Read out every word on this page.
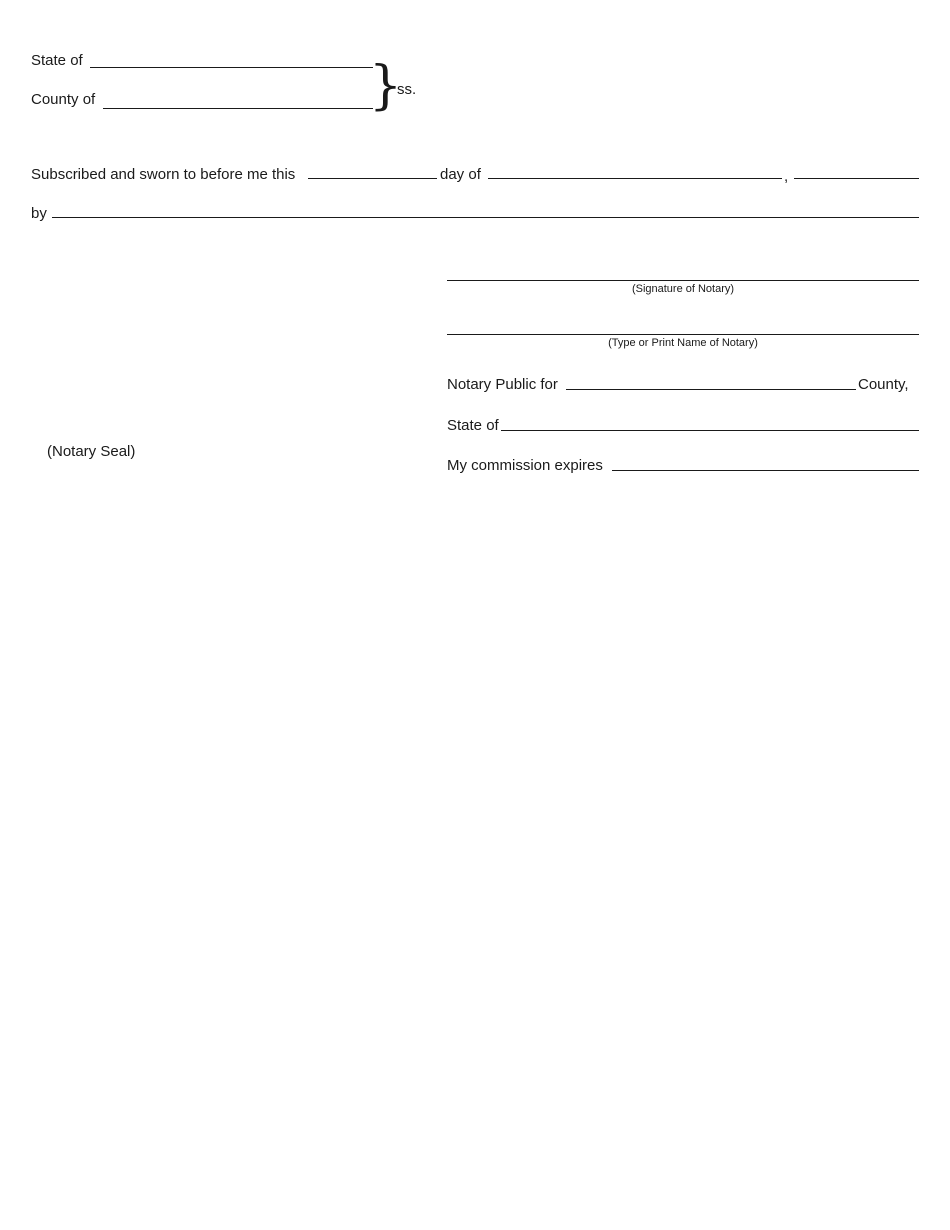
State of
County of	}
ss.
Subscribed and sworn to before me this	day of	,
by
(Signature of Notary)
(Type or Print Name of Notary)
Notary Public for	County,
State of
My commission expires
(Notary Seal)
